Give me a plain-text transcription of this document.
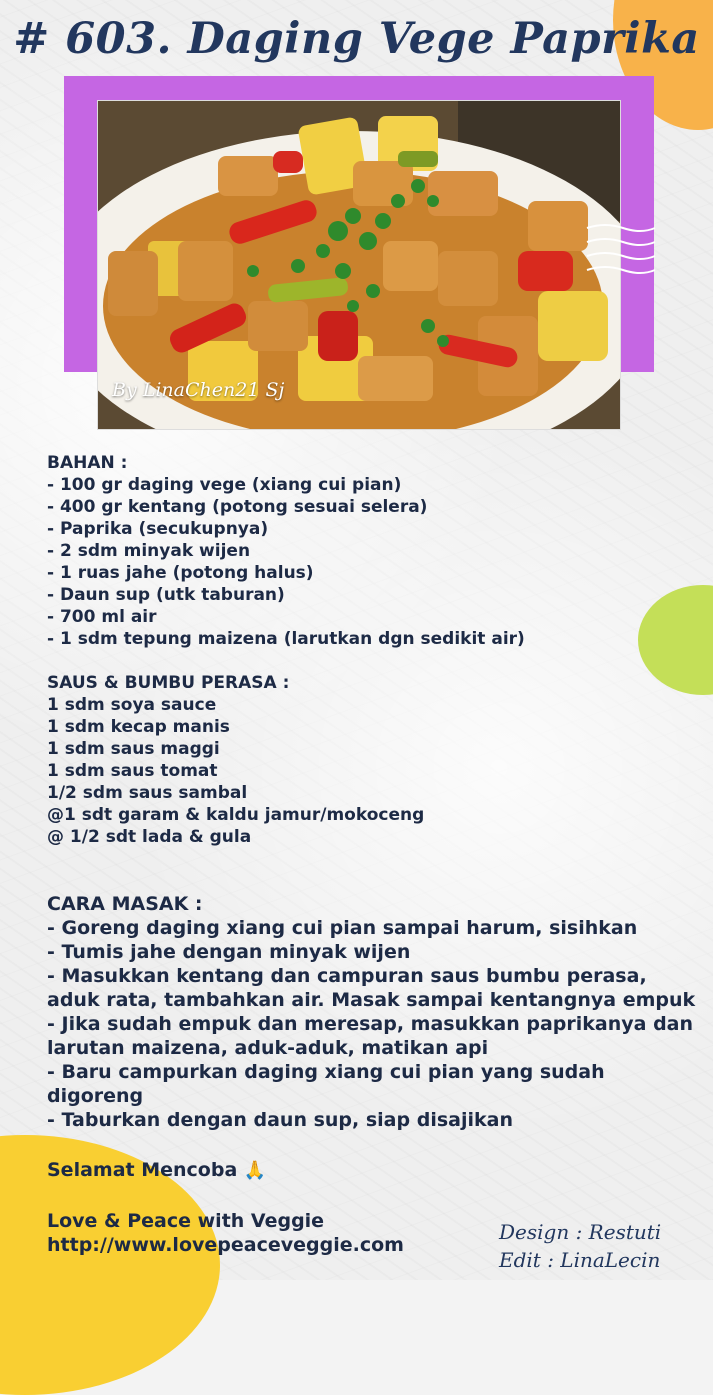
# 603. Daging Vege Paprika
By LinaChen21 Sj
BAHAN :
- 100 gr daging vege (xiang cui pian)
- 400 gr kentang (potong sesuai selera)
- Paprika (secukupnya)
- 2 sdm minyak wijen
- 1 ruas jahe (potong halus)
- Daun sup (utk taburan)
- 700 ml air
- 1 sdm tepung maizena (larutkan dgn sedikit air)
SAUS & BUMBU PERASA :
1 sdm soya sauce
1 sdm kecap manis
1 sdm saus maggi
1 sdm saus tomat
1/2 sdm saus sambal
@1 sdt garam & kaldu jamur/mokoceng
@ 1/2 sdt lada & gula
CARA MASAK :
- Goreng daging xiang cui pian sampai harum, sisihkan
- Tumis jahe dengan minyak wijen
- Masukkan kentang dan campuran saus bumbu perasa, aduk rata, tambahkan air. Masak sampai kentangnya empuk
- Jika sudah empuk dan meresap, masukkan paprikanya dan larutan maizena, aduk-aduk, matikan api
- Baru campurkan daging xiang cui pian yang sudah digoreng
- Taburkan dengan daun sup, siap disajikan
Selamat Mencoba 🙏
Love & Peace with Veggie
http://www.lovepeaceveggie.com
Design : Restuti
Edit : LinaLecin
